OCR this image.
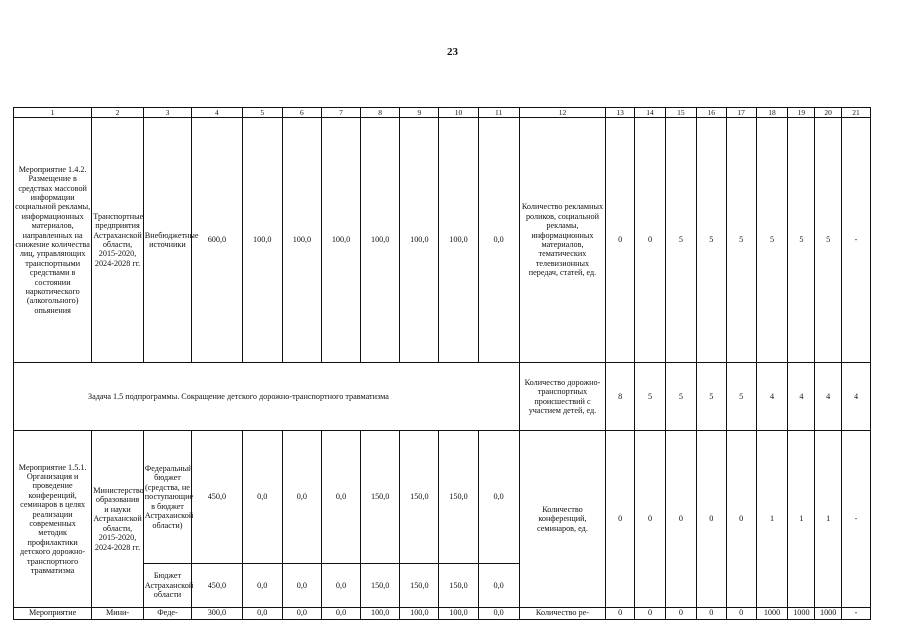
23
1	2	3	4	5	6	7	8	9	10	11	12	13	14	15	16	17	18	19	20	21
Мероприятие 1.4.2. Размещение в средствах массовой информации социальной рекламы, информационных материалов, направленных на снижение количества лиц, управляющих транспортными средствами в состоянии наркотического (алкогольного) опьянения	Транспортные предприятия Астраханской области, 2015-2020, 2024-2028 гг.	Внебюджетные источники	600,0	100,0	100,0	100,0	100,0	100,0	100,0	0,0	Количество рекламных роликов, социальной рекламы, информационных материалов, тематических телевизионных передач, статей, ед.	0	0	5	5	5	5	5	5	-
Задача 1.5 подпрограммы. Сокращение детского дорожно-транспортного травматизма											Количество дорожно-транспортных происшествий с участием детей, ед.	8	5	5	5	5	4	4	4	4
Мероприятие 1.5.1. Организация и проведение конференций, семинаров в целях реализации современных методик профилактики детского дорожно-транспортного травматизма	Министерство образования и науки Астраханской области, 2015-2020, 2024-2028 гг.	Федеральный бюджет (средства, не поступающие в бюджет Астраханской области)	450,0	0,0	0,0	0,0	150,0	150,0	150,0	0,0	Количество конференций, семинаров, ед.	0	0	0	0	0	1	1	1	-
		Бюджет Астраханской области	450,0	0,0	0,0	0,0	150,0	150,0	150,0	0,0										
Мероприятие	Мини-	Феде-	300,0	0,0	0,0	0,0	100,0	100,0	100,0	0,0	Количество ре-	0	0	0	0	0	1000	1000	1000	-
